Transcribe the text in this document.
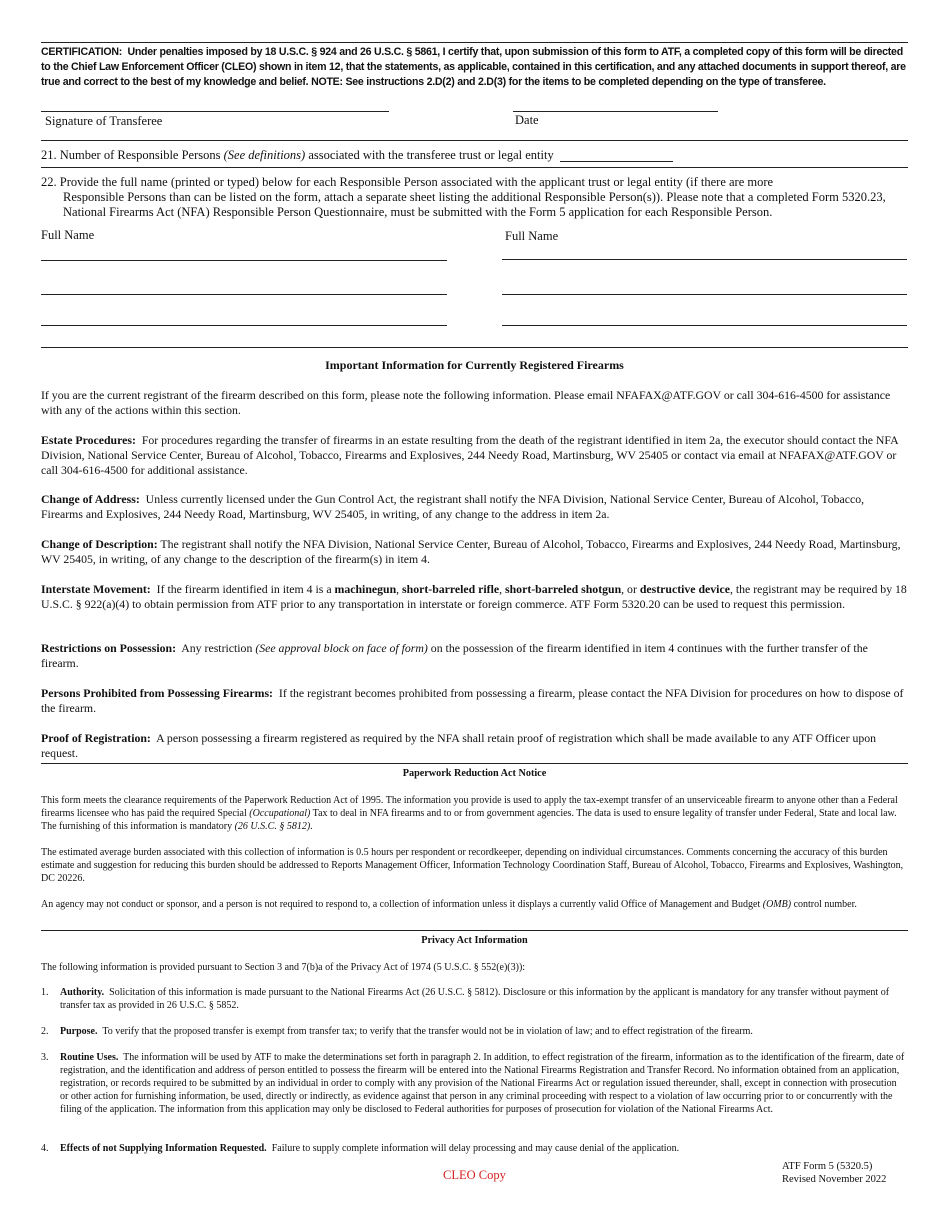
CERTIFICATION: Under penalties imposed by 18 U.S.C. § 924 and 26 U.S.C. § 5861, I certify that, upon submission of this form to ATF, a completed copy of this form will be directed to the Chief Law Enforcement Officer (CLEO) shown in item 12, that the statements, as applicable, contained in this certification, and any attached documents in support thereof, are true and correct to the best of my knowledge and belief. NOTE: See instructions 2.D(2) and 2.D(3) for the items to be completed depending on the type of transferee.
Signature of Transferee	Date
21. Number of Responsible Persons (See definitions) associated with the transferee trust or legal entity
22. Provide the full name (printed or typed) below for each Responsible Person associated with the applicant trust or legal entity (if there are more
Responsible Persons than can be listed on the form, attach a separate sheet listing the additional Responsible Person(s)). Please note that a completed Form 5320.23,
National Firearms Act (NFA) Responsible Person Questionnaire, must be submitted with the Form 5 application for each Responsible Person.
Full Name	Full Name
Important Information for Currently Registered Firearms
If you are the current registrant of the firearm described on this form, please note the following information. Please email NFAFAX@ATF.GOV or call 304-616-4500 for assistance with any of the actions within this section.
Estate Procedures: For procedures regarding the transfer of firearms in an estate resulting from the death of the registrant identified in item 2a, the executor should contact the NFA Division, National Service Center, Bureau of Alcohol, Tobacco, Firearms and Explosives, 244 Needy Road, Martinsburg, WV 25405 or contact via email at NFAFAX@ATF.GOV or call 304-616-4500 for additional assistance.
Change of Address: Unless currently licensed under the Gun Control Act, the registrant shall notify the NFA Division, National Service Center, Bureau of Alcohol, Tobacco, Firearms and Explosives, 244 Needy Road, Martinsburg, WV 25405, in writing, of any change to the address in item 2a.
Change of Description: The registrant shall notify the NFA Division, National Service Center, Bureau of Alcohol, Tobacco, Firearms and Explosives, 244 Needy Road, Martinsburg, WV 25405, in writing, of any change to the description of the firearm(s) in item 4.
Interstate Movement: If the firearm identified in item 4 is a machinegun, short-barreled rifle, short-barreled shotgun, or destructive device, the registrant may be required by 18 U.S.C. § 922(a)(4) to obtain permission from ATF prior to any transportation in interstate or foreign commerce. ATF Form 5320.20 can be used to request this permission.
Restrictions on Possession: Any restriction (See approval block on face of form) on the possession of the firearm identified in item 4 continues with the further transfer of the firearm.
Persons Prohibited from Possessing Firearms: If the registrant becomes prohibited from possessing a firearm, please contact the NFA Division for procedures on how to dispose of the firearm.
Proof of Registration: A person possessing a firearm registered as required by the NFA shall retain proof of registration which shall be made available to any ATF Officer upon request.
Paperwork Reduction Act Notice
This form meets the clearance requirements of the Paperwork Reduction Act of 1995. The information you provide is used to apply the tax-exempt transfer of an unserviceable firearm to anyone other than a Federal firearms licensee who has paid the required Special (Occupational) Tax to deal in NFA firearms and to or from government agencies. The data is used to ensure legality of transfer under Federal, State and local law. The furnishing of this information is mandatory (26 U.S.C. § 5812).
The estimated average burden associated with this collection of information is 0.5 hours per respondent or recordkeeper, depending on individual circumstances. Comments concerning the accuracy of this burden estimate and suggestion for reducing this burden should be addressed to Reports Management Officer, Information Technology Coordination Staff, Bureau of Alcohol, Tobacco, Firearms and Explosives, Washington, DC 20226.
An agency may not conduct or sponsor, and a person is not required to respond to, a collection of information unless it displays a currently valid Office of Management and Budget (OMB) control number.
Privacy Act Information
The following information is provided pursuant to Section 3 and 7(b)a of the Privacy Act of 1974 (5 U.S.C. § 552(e)(3)):
1. Authority. Solicitation of this information is made pursuant to the National Firearms Act (26 U.S.C. § 5812). Disclosure or this information by the applicant is mandatory for any transfer without payment of transfer tax as provided in 26 U.S.C. § 5852.
2. Purpose. To verify that the proposed transfer is exempt from transfer tax; to verify that the transfer would not be in violation of law; and to effect registration of the firearm.
3. Routine Uses. The information will be used by ATF to make the determinations set forth in paragraph 2. In addition, to effect registration of the firearm, information as to the identification of the firearm, date of registration, and the identification and address of person entitled to possess the firearm will be entered into the National Firearms Registration and Transfer Record. No information obtained from an application, registration, or records required to be submitted by an individual in order to comply with any provision of the National Firearms Act or regulation issued thereunder, shall, except in connection with prosecution or other action for furnishing information, be used, directly or indirectly, as evidence against that person in any criminal proceeding with respect to a violation of law occurring prior to or concurrently with the filing of the application. The information from this application may only be disclosed to Federal authorities for purposes of prosecution for violation of the National Firearms Act.
4. Effects of not Supplying Information Requested. Failure to supply complete information will delay processing and may cause denial of the application.
CLEO Copy
ATF Form 5 (5320.5)
Revised November 2022
